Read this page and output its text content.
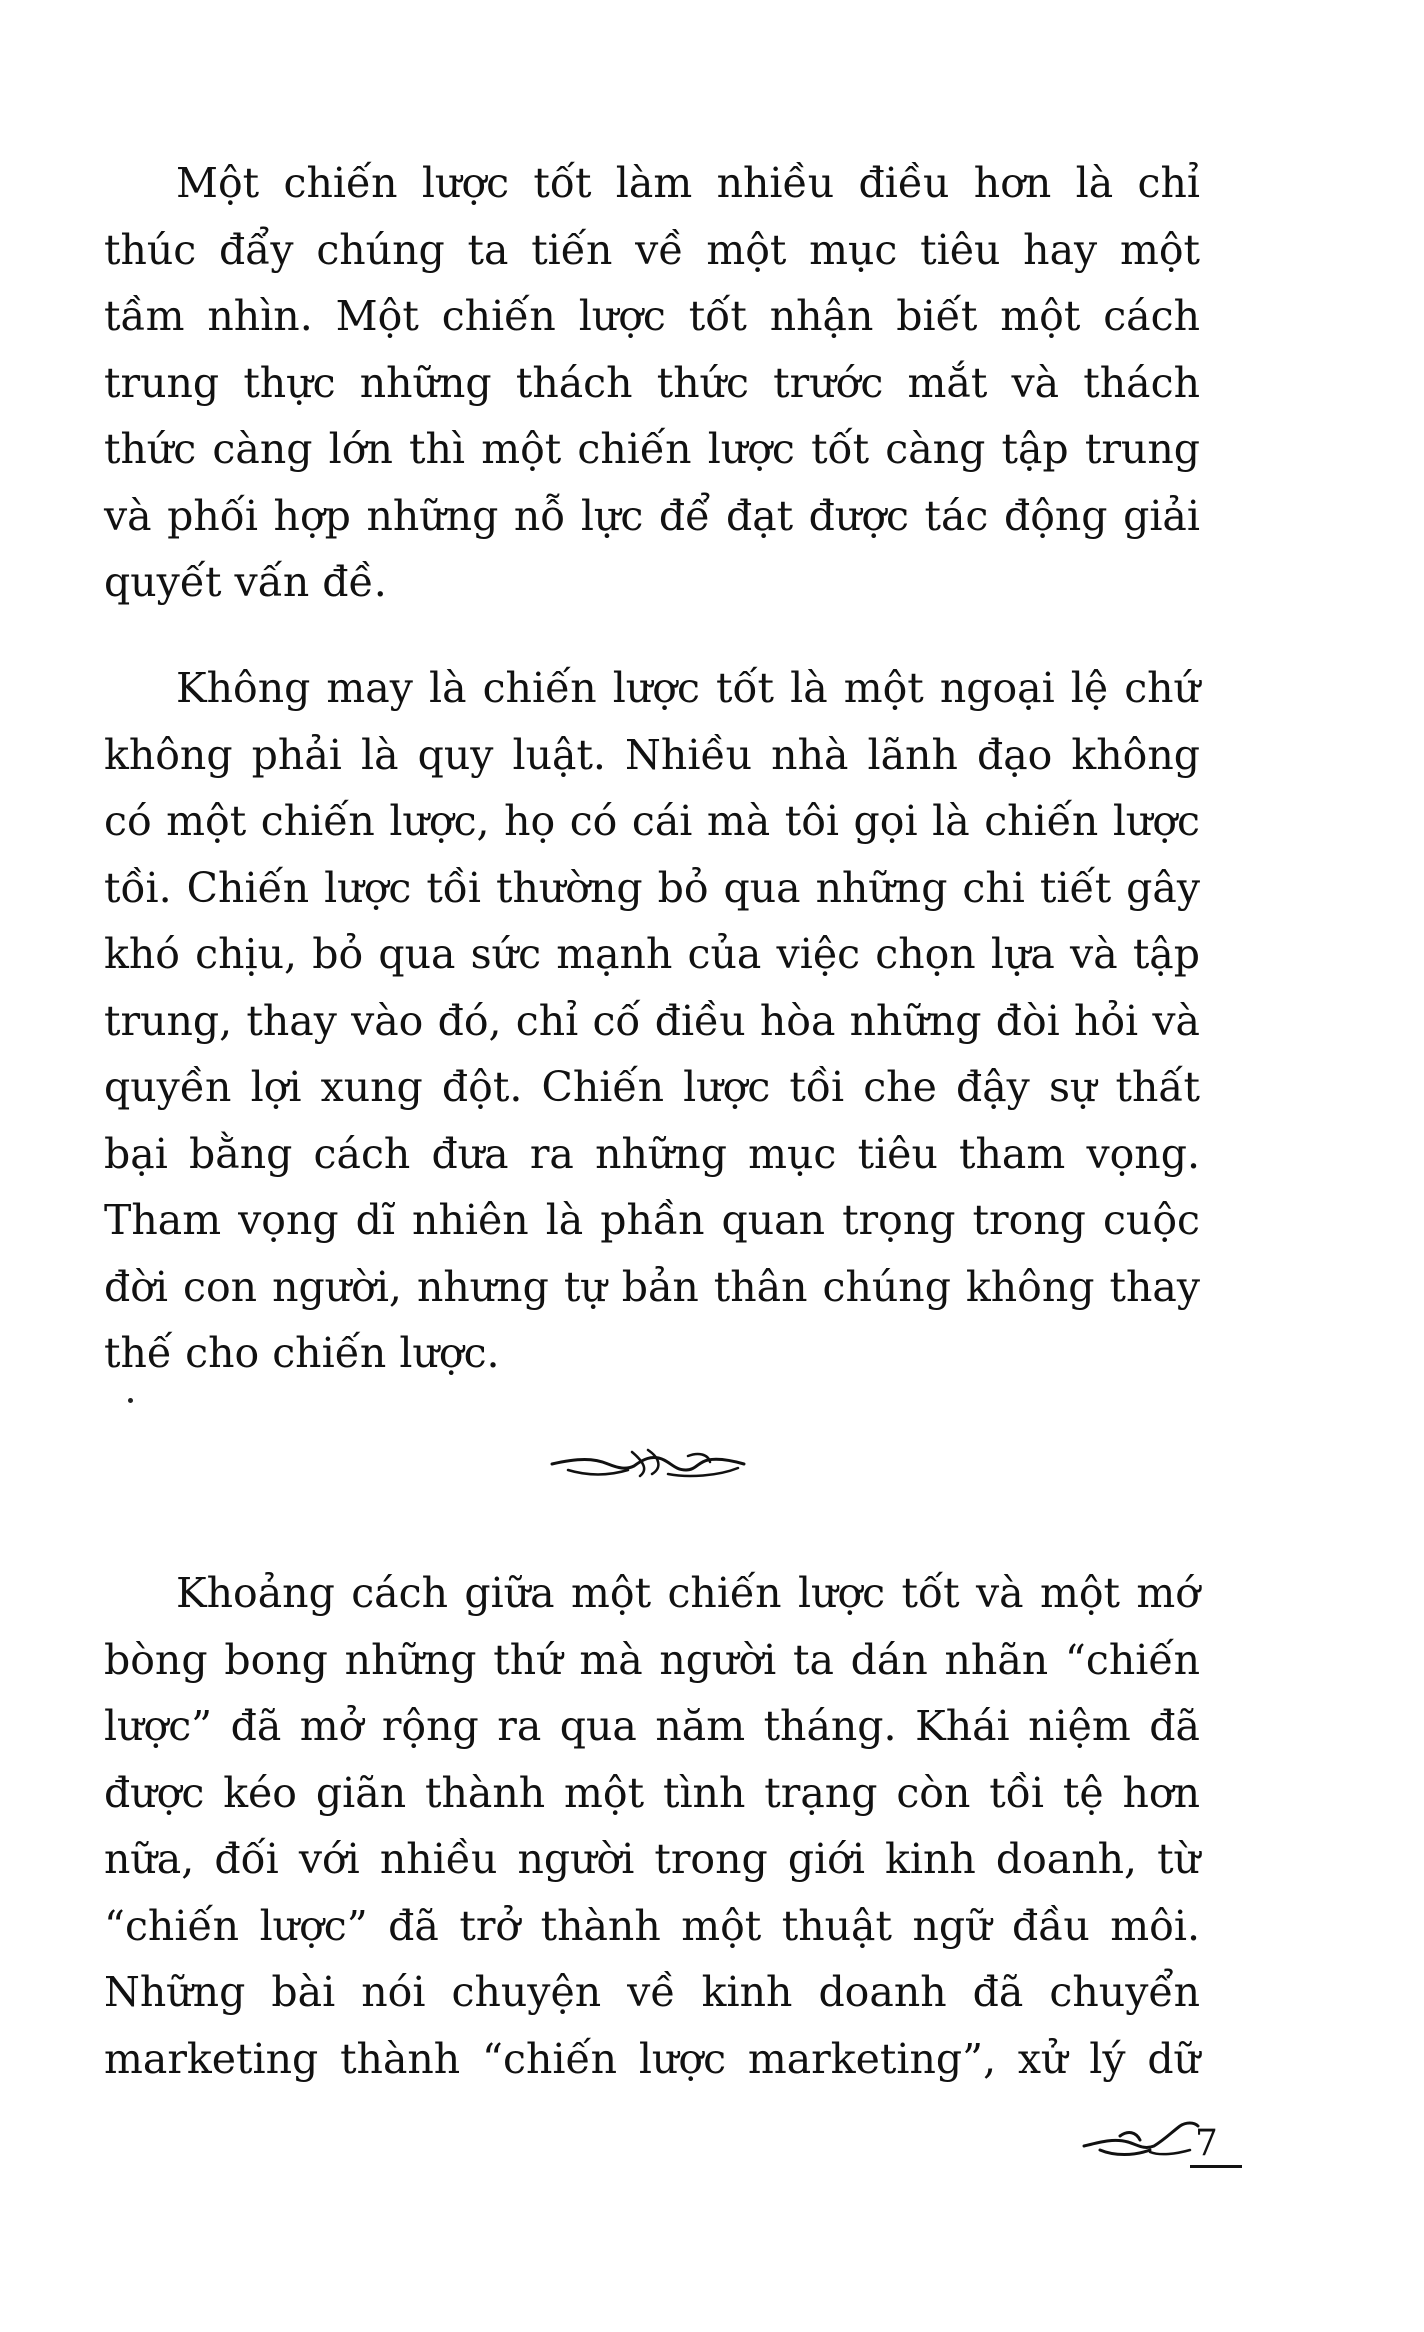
Một chiến lược tốt làm nhiều điều hơn là chỉ
thúc đẩy chúng ta tiến về một mục tiêu hay một
tầm nhìn. Một chiến lược tốt nhận biết một cách
trung thực những thách thức trước mắt và thách
thức càng lớn thì một chiến lược tốt càng tập trung
và phối hợp những nỗ lực để đạt được tác động giải
quyết vấn đề.
Không may là chiến lược tốt là một ngoại lệ chứ
không phải là quy luật. Nhiều nhà lãnh đạo không
có một chiến lược, họ có cái mà tôi gọi là chiến lược
tồi. Chiến lược tồi thường bỏ qua những chi tiết gây
khó chịu, bỏ qua sức mạnh của việc chọn lựa và tập
trung, thay vào đó, chỉ cố điều hòa những đòi hỏi và
quyền lợi xung đột. Chiến lược tồi che đậy sự thất
bại bằng cách đưa ra những mục tiêu tham vọng.
Tham vọng dĩ nhiên là phần quan trọng trong cuộc
đời con người, nhưng tự bản thân chúng không thay
thế cho chiến lược.
Khoảng cách giữa một chiến lược tốt và một mớ
bòng bong những thứ mà người ta dán nhãn “chiến
lược” đã mở rộng ra qua năm tháng. Khái niệm đã
được kéo giãn thành một tình trạng còn tồi tệ hơn
nữa, đối với nhiều người trong giới kinh doanh, từ
“chiến lược” đã trở thành một thuật ngữ đầu môi.
Những bài nói chuyện về kinh doanh đã chuyển
marketing thành “chiến lược marketing”, xử lý dữ
7
